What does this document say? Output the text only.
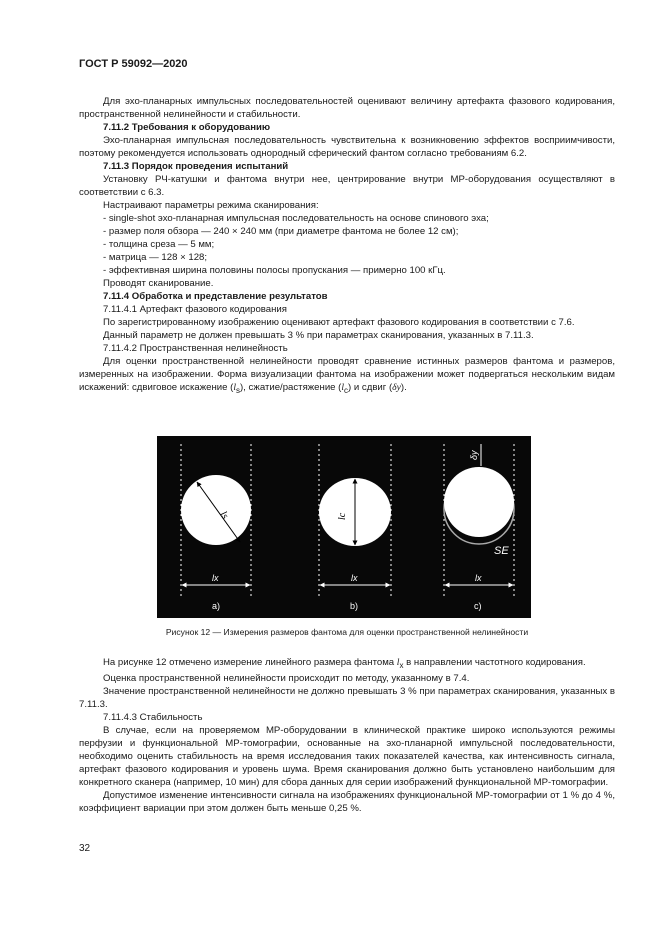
ГОСТ Р 59092—2020

Для эхо-планарных импульсных последовательностей оценивают величину артефакта фазового кодирования, пространственной нелинейности и стабильности.

7.11.2 Требования к оборудованию

Эхо-планарная импульсная последовательность чувствительна к возникновению эффектов восприимчивости, поэтому рекомендуется использовать однородный сферический фантом согласно требованиям 6.2.

7.11.3 Порядок проведения испытаний

Установку РЧ-катушки и фантома внутри нее, центрирование внутри МР-оборудования осуществляют в соответствии с 6.3.

Настраивают параметры режима сканирования:

- single-shot эхо-планарная импульсная последовательность на основе спинового эха;

- размер поля обзора — 240 × 240 мм (при диаметре фантома не более 12 см);

- толщина среза — 5 мм;

- матрица — 128 × 128;

- эффективная ширина половины полосы пропускания — примерно 100 кГц.

Проводят сканирование.

7.11.4 Обработка и представление результатов

7.11.4.1 Артефакт фазового кодирования

По зарегистрированному изображению оценивают артефакт фазового кодирования в соответствии с 7.6.

Данный параметр не должен превышать 3 % при параметрах сканирования, указанных в 7.11.3.

7.11.4.2 Пространственная нелинейность

Для оценки пространственной нелинейности проводят сравнение истинных размеров фантома и размеров, измеренных на изображении. Форма визуализации фантома на изображении может подвергаться нескольким видам искажений: сдвиговое искажение $(l_s)$, сжатие/растяжение $(l_c)$ и сдвиг (δy).

ls
lx
a)
lc
lx
b)
δy
SE
lx
c)
Рисунок 12 — Измерения размеров фантома для оценки пространственной нелинейности

На рисунке 12 отмечено измерение линейного размера фантома $l_x$ в направлении частотного кодирования.

Оценка пространственной нелинейности происходит по методу, указанному в 7.4.

Значение пространственной нелинейности не должно превышать 3 % при параметрах сканирования, указанных в 7.11.3.

7.11.4.3 Стабильность

В случае, если на проверяемом МР-оборудовании в клинической практике широко используются режимы перфузии и функциональной МР-томографии, основанные на эхо-планарной импульсной последовательности, необходимо оценить стабильность на время исследования таких показателей качества, как интенсивность сигнала, артефакт фазового кодирования и уровень шума. Время сканирования должно быть установлено наибольшим для конкретного сканера (например, 10 мин) для сбора данных для серии изображений функциональной МР-томографии.

Допустимое изменение интенсивности сигнала на изображениях функциональной МР-томографии от 1 % до 4 %, коэффициент вариации при этом должен быть меньше 0,25 %.

32
